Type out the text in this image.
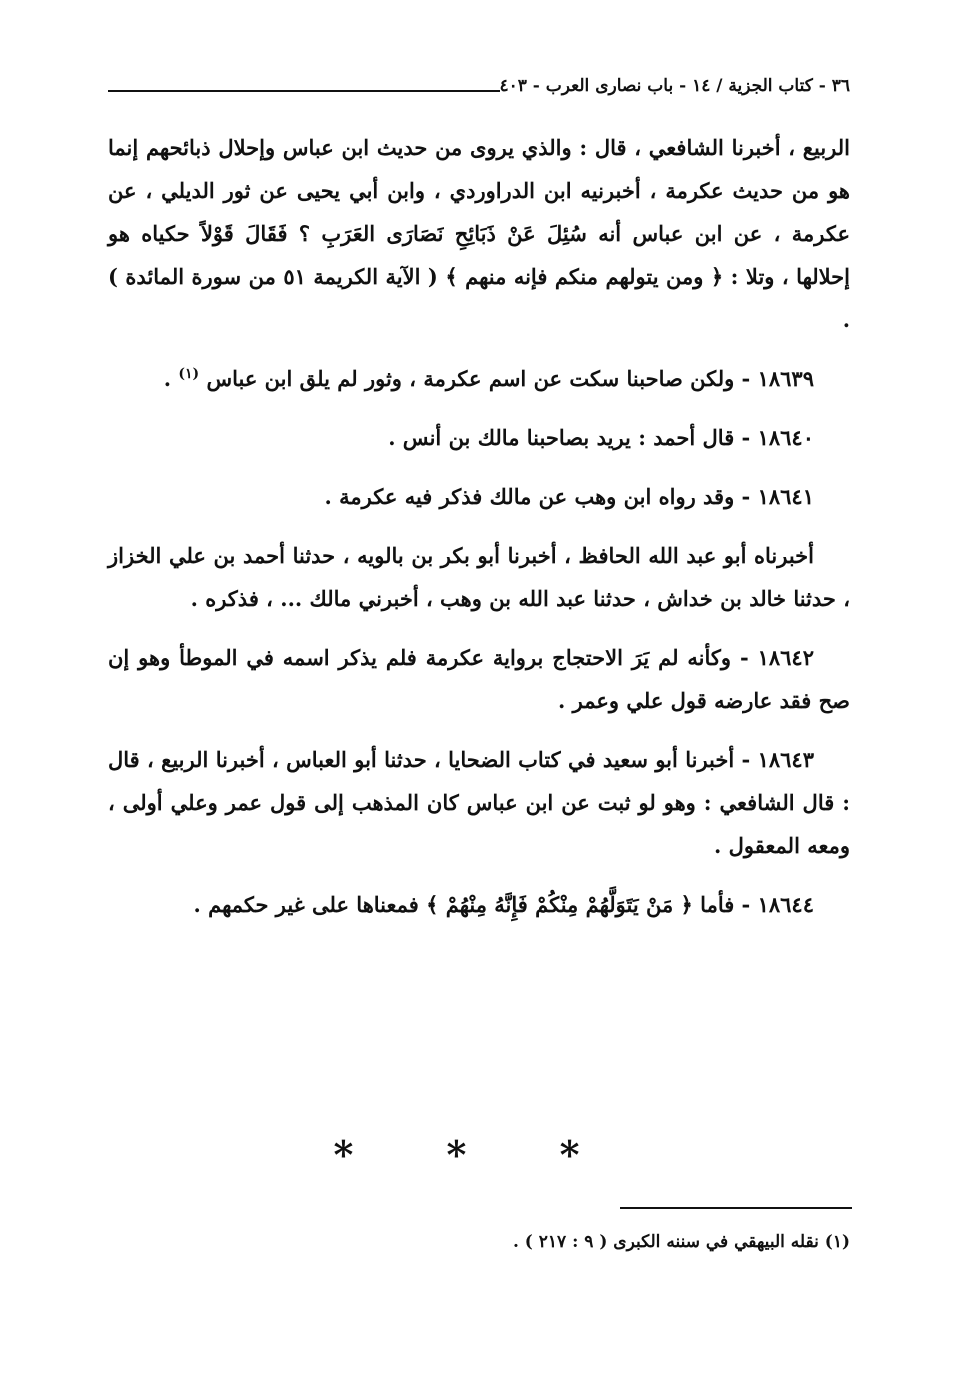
٣٦ - كتاب الجزية / ١٤ - باب نصارى العرب - ٤٠٣

الربيع ، أخبرنا الشافعي ، قال : والذي يروى من حديث ابن عباس وإحلال ذبائحهم إنما هو من حديث عكرمة ، أخبرنيه ابن الدراوردي ، وابن أبي يحيى عن ثور الديلي ، عن عكرمة ، عن ابن عباس أنه سُئِلَ عَنْ ذَبَائِحِ نَصَارَى العَرَبِ ؟ فَقَالَ قَوْلاً حكياه هو إحلالها ، وتلا : ﴿ ومن يتولهم منكم فإنه منهم ﴾ ( الآية الكريمة ٥١ من سورة المائدة ) .

١٨٦٣٩ - ولكن صاحبنا سكت عن اسم عكرمة ، وثور لم يلق ابن عباس $^{(١)}$ .

١٨٦٤٠ - قال أحمد : يريد بصاحبنا مالك بن أنس .

١٨٦٤١ - وقد رواه ابن وهب عن مالك فذكر فيه عكرمة .

أخبرناه أبو عبد الله الحافظ ، أخبرنا أبو بكر بن بالويه ، حدثنا أحمد بن علي الخزاز ، حدثنا خالد بن خداش ، حدثنا عبد الله بن وهب ، أخبرني مالك ... ، فذكره .

١٨٦٤٢ - وكأنه لم يَرَ الاحتجاج برواية عكرمة فلم يذكر اسمه في الموطأ وهو إن صح فقد عارضه قول علي وعمر .

١٨٦٤٣ - أخبرنا أبو سعيد في كتاب الضحايا ، حدثنا أبو العباس ، أخبرنا الربيع ، قال : قال الشافعي : وهو لو ثبت عن ابن عباس كان المذهب إلى قول عمر وعلي أولى ، ومعه المعقول .

١٨٦٤٤ - فأما ﴿ مَنْ يَتَوَلَّهُمْ مِنْكُمْ فَإِنَّهُ مِنْهُمْ ﴾ فمعناها على غير حكمهم .

* * *
(١) نقله البيهقي في سننه الكبرى ( ٩ : ٢١٧ ) .
